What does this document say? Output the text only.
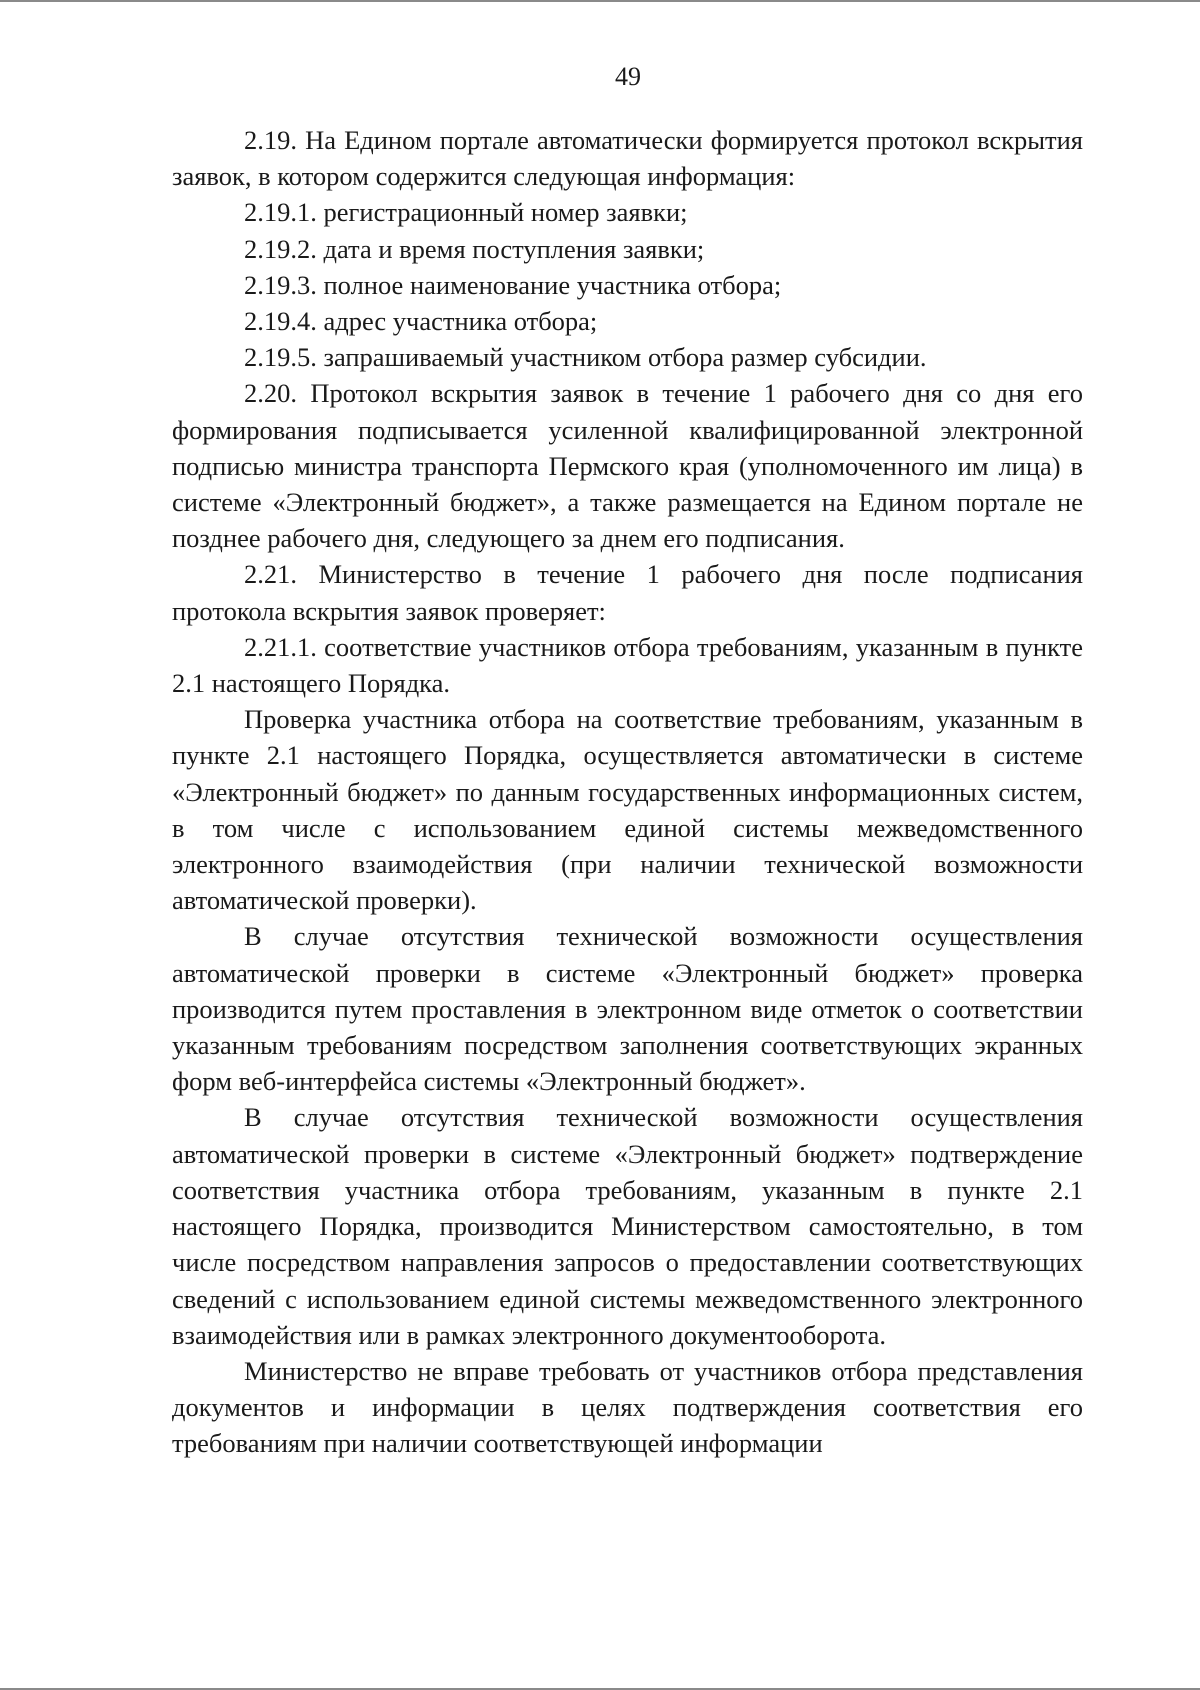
49

2.19. На Едином портале автоматически формируется протокол вскрытия заявок, в котором содержится следующая информация:

2.19.1. регистрационный номер заявки;

2.19.2. дата и время поступления заявки;

2.19.3. полное наименование участника отбора;

2.19.4. адрес участника отбора;

2.19.5. запрашиваемый участником отбора размер субсидии.

2.20. Протокол вскрытия заявок в течение 1 рабочего дня со дня его формирования подписывается усиленной квалифицированной электронной подписью министра транспорта Пермского края (уполномоченного им лица) в системе «Электронный бюджет», а также размещается на Едином портале не позднее рабочего дня, следующего за днем его подписания.

2.21. Министерство в течение 1 рабочего дня после подписания протокола вскрытия заявок проверяет:

2.21.1. соответствие участников отбора требованиям, указанным в пункте 2.1 настоящего Порядка.

Проверка участника отбора на соответствие требованиям, указанным в пункте 2.1 настоящего Порядка, осуществляется автоматически в системе «Электронный бюджет» по данным государственных информационных систем, в том числе с использованием единой системы межведомственного электронного взаимодействия (при наличии технической возможности автоматической проверки).

В случае отсутствия технической возможности осуществления автоматической проверки в системе «Электронный бюджет» проверка производится путем проставления в электронном виде отметок о соответствии указанным требованиям посредством заполнения соответствующих экранных форм веб-интерфейса системы «Электронный бюджет».

В случае отсутствия технической возможности осуществления автоматической проверки в системе «Электронный бюджет» подтверждение соответствия участника отбора требованиям, указанным в пункте 2.1 настоящего Порядка, производится Министерством самостоятельно, в том числе посредством направления запросов о предоставлении соответствующих сведений с использованием единой системы межведомственного электронного взаимодействия или в рамках электронного документооборота.

Министерство не вправе требовать от участников отбора представления документов и информации в целях подтверждения соответствия его требованиям при наличии соответствующей информации
